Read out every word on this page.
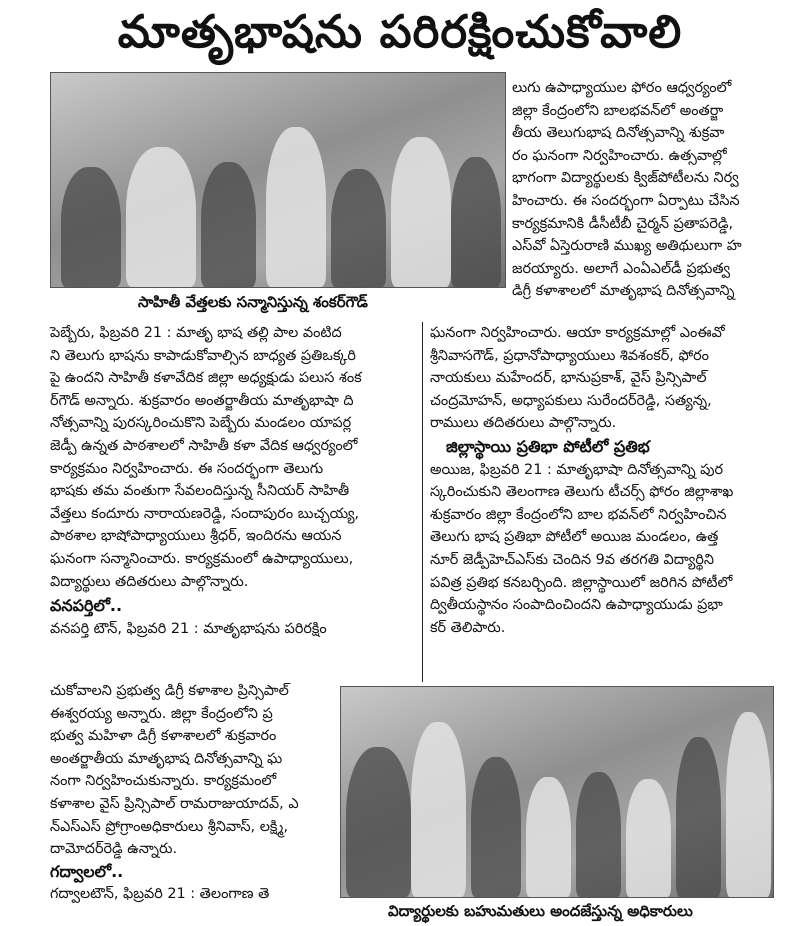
మాతృభాషను పరిరక్షించుకోవాలి
సాహితీ వేత్తలకు సన్మానిస్తున్న శంకర్‌గౌడ్

లుగు ఉపాధ్యాయుల ఫోరం ఆధ్వర్యంలో

జిల్లా కేంద్రంలోని బాలభవన్‌లో అంతర్జా

తీయ తెలుగుభాష దినోత్సవాన్ని శుక్రవా

రం ఘనంగా నిర్వహించారు. ఉత్సవాల్లో

భాగంగా విద్యార్థులకు క్విజ్‌పోటీలను నిర్వ

హించారు. ఈ సందర్భంగా ఏర్పాటు చేసిన

కార్యక్రమానికి డీసీటీబీ చైర్మన్ ప్రతాపరెడ్డి,

ఎస్‌వో ఏస్తెరురాణి ముఖ్య అతిథులుగా హ

జరయ్యారు. అలాగే ఎంఏఎల్‌డీ ప్రభుత్వ

డిగ్రీ కళాశాలలో మాతృభాష దినోత్సవాన్ని

పెబ్బేరు, ఫిబ్రవరి 21 : మాతృ భాష తల్లి పాల వంటిద

ని తెలుగు భాషను కాపాడుకోవాల్సిన బాధ్యత ప్రతిఒక్కరి

పై ఉందని సాహితీ కళావేదిక జిల్లా అధ్యక్షుడు పలుస శంక

ర్‌గౌడ్ అన్నారు. శుక్రవారం అంతర్జాతీయ మాతృభాషా ది

నోత్సవాన్ని పురస్కరించుకొని పెబ్బేరు మండలం యాపర్ల

జెడ్పీ ఉన్నత పాఠశాలలో సాహితీ కళా వేదిక ఆధ్వర్యంలో

కార్యక్రమం నిర్వహించారు. ఈ సందర్భంగా తెలుగు

భాషకు తమ వంతుగా సేవలందిస్తున్న సీనియర్ సాహితీ

వేత్తలు కందూరు నారాయణరెడ్డి, సందాపురం బుచ్చయ్య,

పాఠశాల భాషోపాధ్యాయులు శ్రీధర్, ఇందిరను ఆయన

ఘనంగా సన్మానించారు. కార్యక్రమంలో ఉపాధ్యాయులు,

విద్యార్థులు తదితరులు పాల్గొన్నారు.

వనపర్తిలో..

వనపర్తి టౌన్, ఫిబ్రవరి 21 : మాతృభాషను పరిరక్షిం

చుకోవాలని ప్రభుత్వ డిగ్రీ కళాశాల ప్రిన్సిపాల్

ఈశ్వరయ్య అన్నారు. జిల్లా కేంద్రంలోని ప్ర

భుత్వ మహిళా డిగ్రీ కళాశాలలో శుక్రవారం

అంతర్జాతీయ మాతృభాష దినోత్సవాన్ని ఘ

నంగా నిర్వహించుకున్నారు. కార్యక్రమంలో

కళాశాల వైస్ ప్రిన్సిపాల్ రామరాజుయాదవ్, ఎ

న్‌ఎస్‌ఎస్ ప్రోగ్రాంఅధికారులు శ్రీనివాస్, లక్ష్మి,

దామోదర్‌రెడ్డి ఉన్నారు.

గద్వాలలో..

గద్వాలటౌన్, ఫిబ్రవరి 21 : తెలంగాణ తె

ఘనంగా నిర్వహించారు. ఆయా కార్యక్రమాల్లో ఎంఈవో

శ్రీనివాసగౌడ్, ప్రధానోపాధ్యాయులు శివశంకర్, ఫోరం

నాయకులు మహేందర్, భానుప్రకాశ్, వైస్ ప్రిన్సిపాల్

చంద్రమోహన్, అధ్యాపకులు సురేందర్‌రెడ్డి, సత్యన్న,

రాములు తదితరులు పాల్గొన్నారు.

జిల్లాస్థాయి ప్రతిభా పోటీలో ప్రతిభ

అయిజ, ఫిబ్రవరి 21 : మాతృభాషా దినోత్సవాన్ని పుర

స్కరించుకుని తెలంగాణ తెలుగు టీచర్స్ ఫోరం జిల్లాశాఖ

శుక్రవారం జిల్లా కేంద్రంలోని బాల భవన్‌లో నిర్వహించిన

తెలుగు భాష ప్రతిభా పోటీలో అయిజ మండలం, ఉత్త

నూర్ జెడ్పీహెచ్‌ఎస్‌కు చెందిన 9వ తరగతి విద్యార్థిని

పవిత్ర ప్రతిభ కనబర్చింది. జిల్లాస్థాయిలో జరిగిన పోటీలో

ద్వితీయస్థానం సంపాదించిందని ఉపాధ్యాయుడు ప్రభా

కర్ తెలిపారు.

విద్యార్థులకు బహుమతులు అందజేస్తున్న అధికారులు
